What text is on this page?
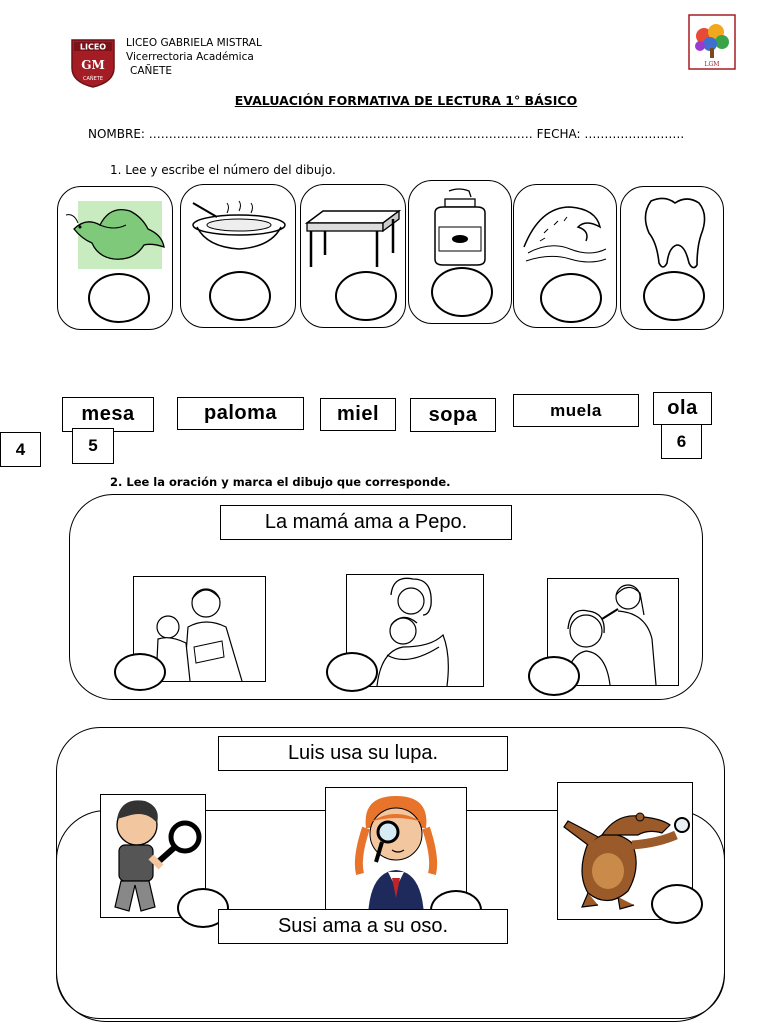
LICEO
GM
CAÑETE
LICEO GABRIELA MISTRAL
Vicerrectoria Académica
CAÑETE
LGM
EVALUACIÓN FORMATIVA DE LECTURA 1° BÁSICO
NOMBRE: …………………………………………………………………………………… FECHA: …………………….
1. Lee y escribe el número del dibujo.
mesa	paloma	miel	sopa	muela	ola
4	5	6
2. Lee la oración y marca el dibujo que corresponde.
La mamá ama a Pepo.
Luis usa su lupa.
Susi ama a su oso.
